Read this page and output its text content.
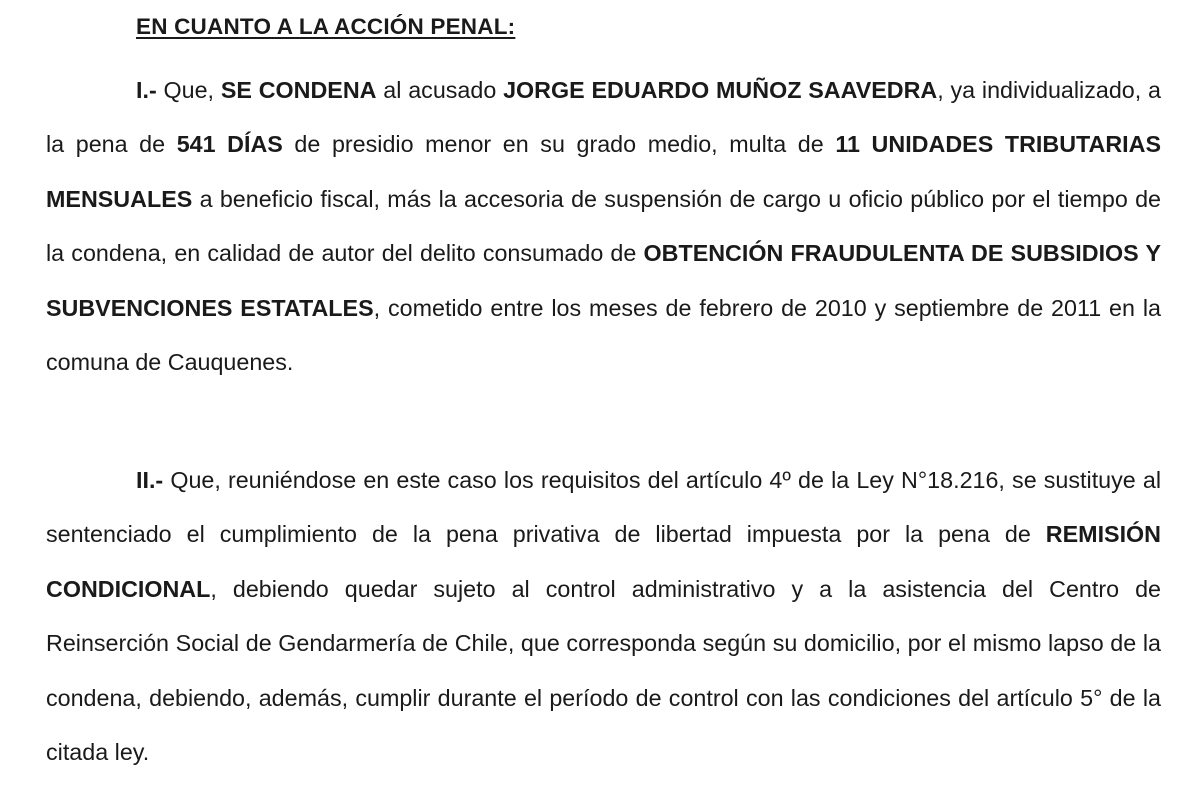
EN CUANTO A LA ACCIÓN PENAL:

I.- Que, SE CONDENA al acusado JORGE EDUARDO MUÑOZ SAAVEDRA, ya individualizado, a la pena de 541 DÍAS de presidio menor en su grado medio, multa de 11 UNIDADES TRIBUTARIAS MENSUALES a beneficio fiscal, más la accesoria de suspensión de cargo u oficio público por el tiempo de la condena, en calidad de autor del delito consumado de OBTENCIÓN FRAUDULENTA DE SUBSIDIOS Y SUBVENCIONES ESTATALES, cometido entre los meses de febrero de 2010 y septiembre de 2011 en la comuna de Cauquenes.

II.- Que, reuniéndose en este caso los requisitos del artículo 4º de la Ley N°18.216, se sustituye al sentenciado el cumplimiento de la pena privativa de libertad impuesta por la pena de REMISIÓN CONDICIONAL, debiendo quedar sujeto al control administrativo y a la asistencia del Centro de Reinserción Social de Gendarmería de Chile, que corresponda según su domicilio, por el mismo lapso de la condena, debiendo, además, cumplir durante el período de control con las condiciones del artículo 5° de la citada ley.
